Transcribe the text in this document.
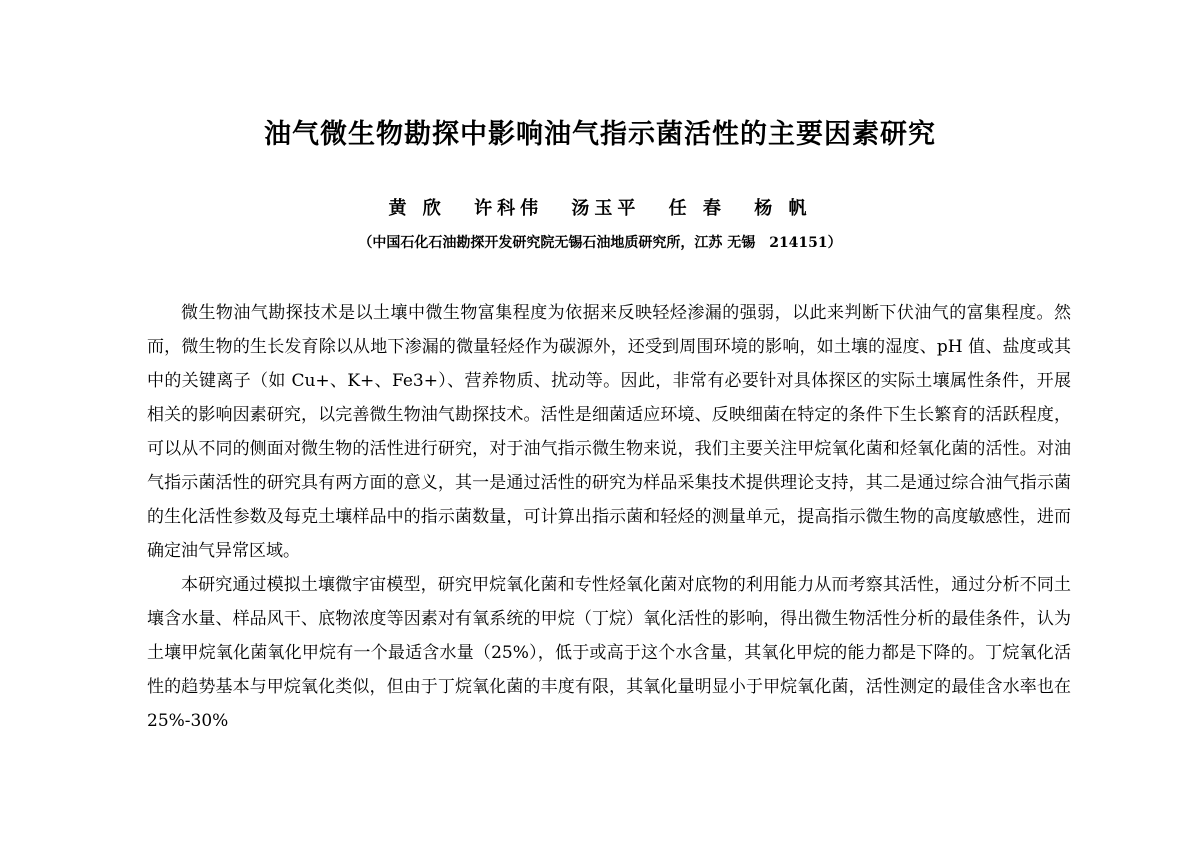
油气微生物勘探中影响油气指示菌活性的主要因素研究
黄 欣 许科伟 汤玉平 任 春 杨 帆
（中国石化石油勘探开发研究院无锡石油地质研究所，江苏 无锡　214151）

微生物油气勘探技术是以土壤中微生物富集程度为依据来反映轻烃渗漏的强弱，以此来判断下伏油气的富集程度。然而，微生物的生长发育除以从地下渗漏的微量轻烃作为碳源外，还受到周围环境的影响，如土壤的湿度、pH 值、盐度或其中的关键离子（如 Cu+、K+、Fe3+）、营养物质、扰动等。因此，非常有必要针对具体探区的实际土壤属性条件，开展相关的影响因素研究，以完善微生物油气勘探技术。活性是细菌适应环境、反映细菌在特定的条件下生长繁育的活跃程度，可以从不同的侧面对微生物的活性进行研究，对于油气指示微生物来说，我们主要关注甲烷氧化菌和烃氧化菌的活性。对油气指示菌活性的研究具有两方面的意义，其一是通过活性的研究为样品采集技术提供理论支持，其二是通过综合油气指示菌的生化活性参数及每克土壤样品中的指示菌数量，可计算出指示菌和轻烃的测量单元，提高指示微生物的高度敏感性，进而确定油气异常区域。

本研究通过模拟土壤微宇宙模型，研究甲烷氧化菌和专性烃氧化菌对底物的利用能力从而考察其活性，通过分析不同土壤含水量、样品风干、底物浓度等因素对有氧系统的甲烷（丁烷）氧化活性的影响，得出微生物活性分析的最佳条件，认为土壤甲烷氧化菌氧化甲烷有一个最适含水量（25%），低于或高于这个水含量，其氧化甲烷的能力都是下降的。丁烷氧化活性的趋势基本与甲烷氧化类似，但由于丁烷氧化菌的丰度有限，其氧化量明显小于甲烷氧化菌，活性测定的最佳含水率也在 25%-30%
